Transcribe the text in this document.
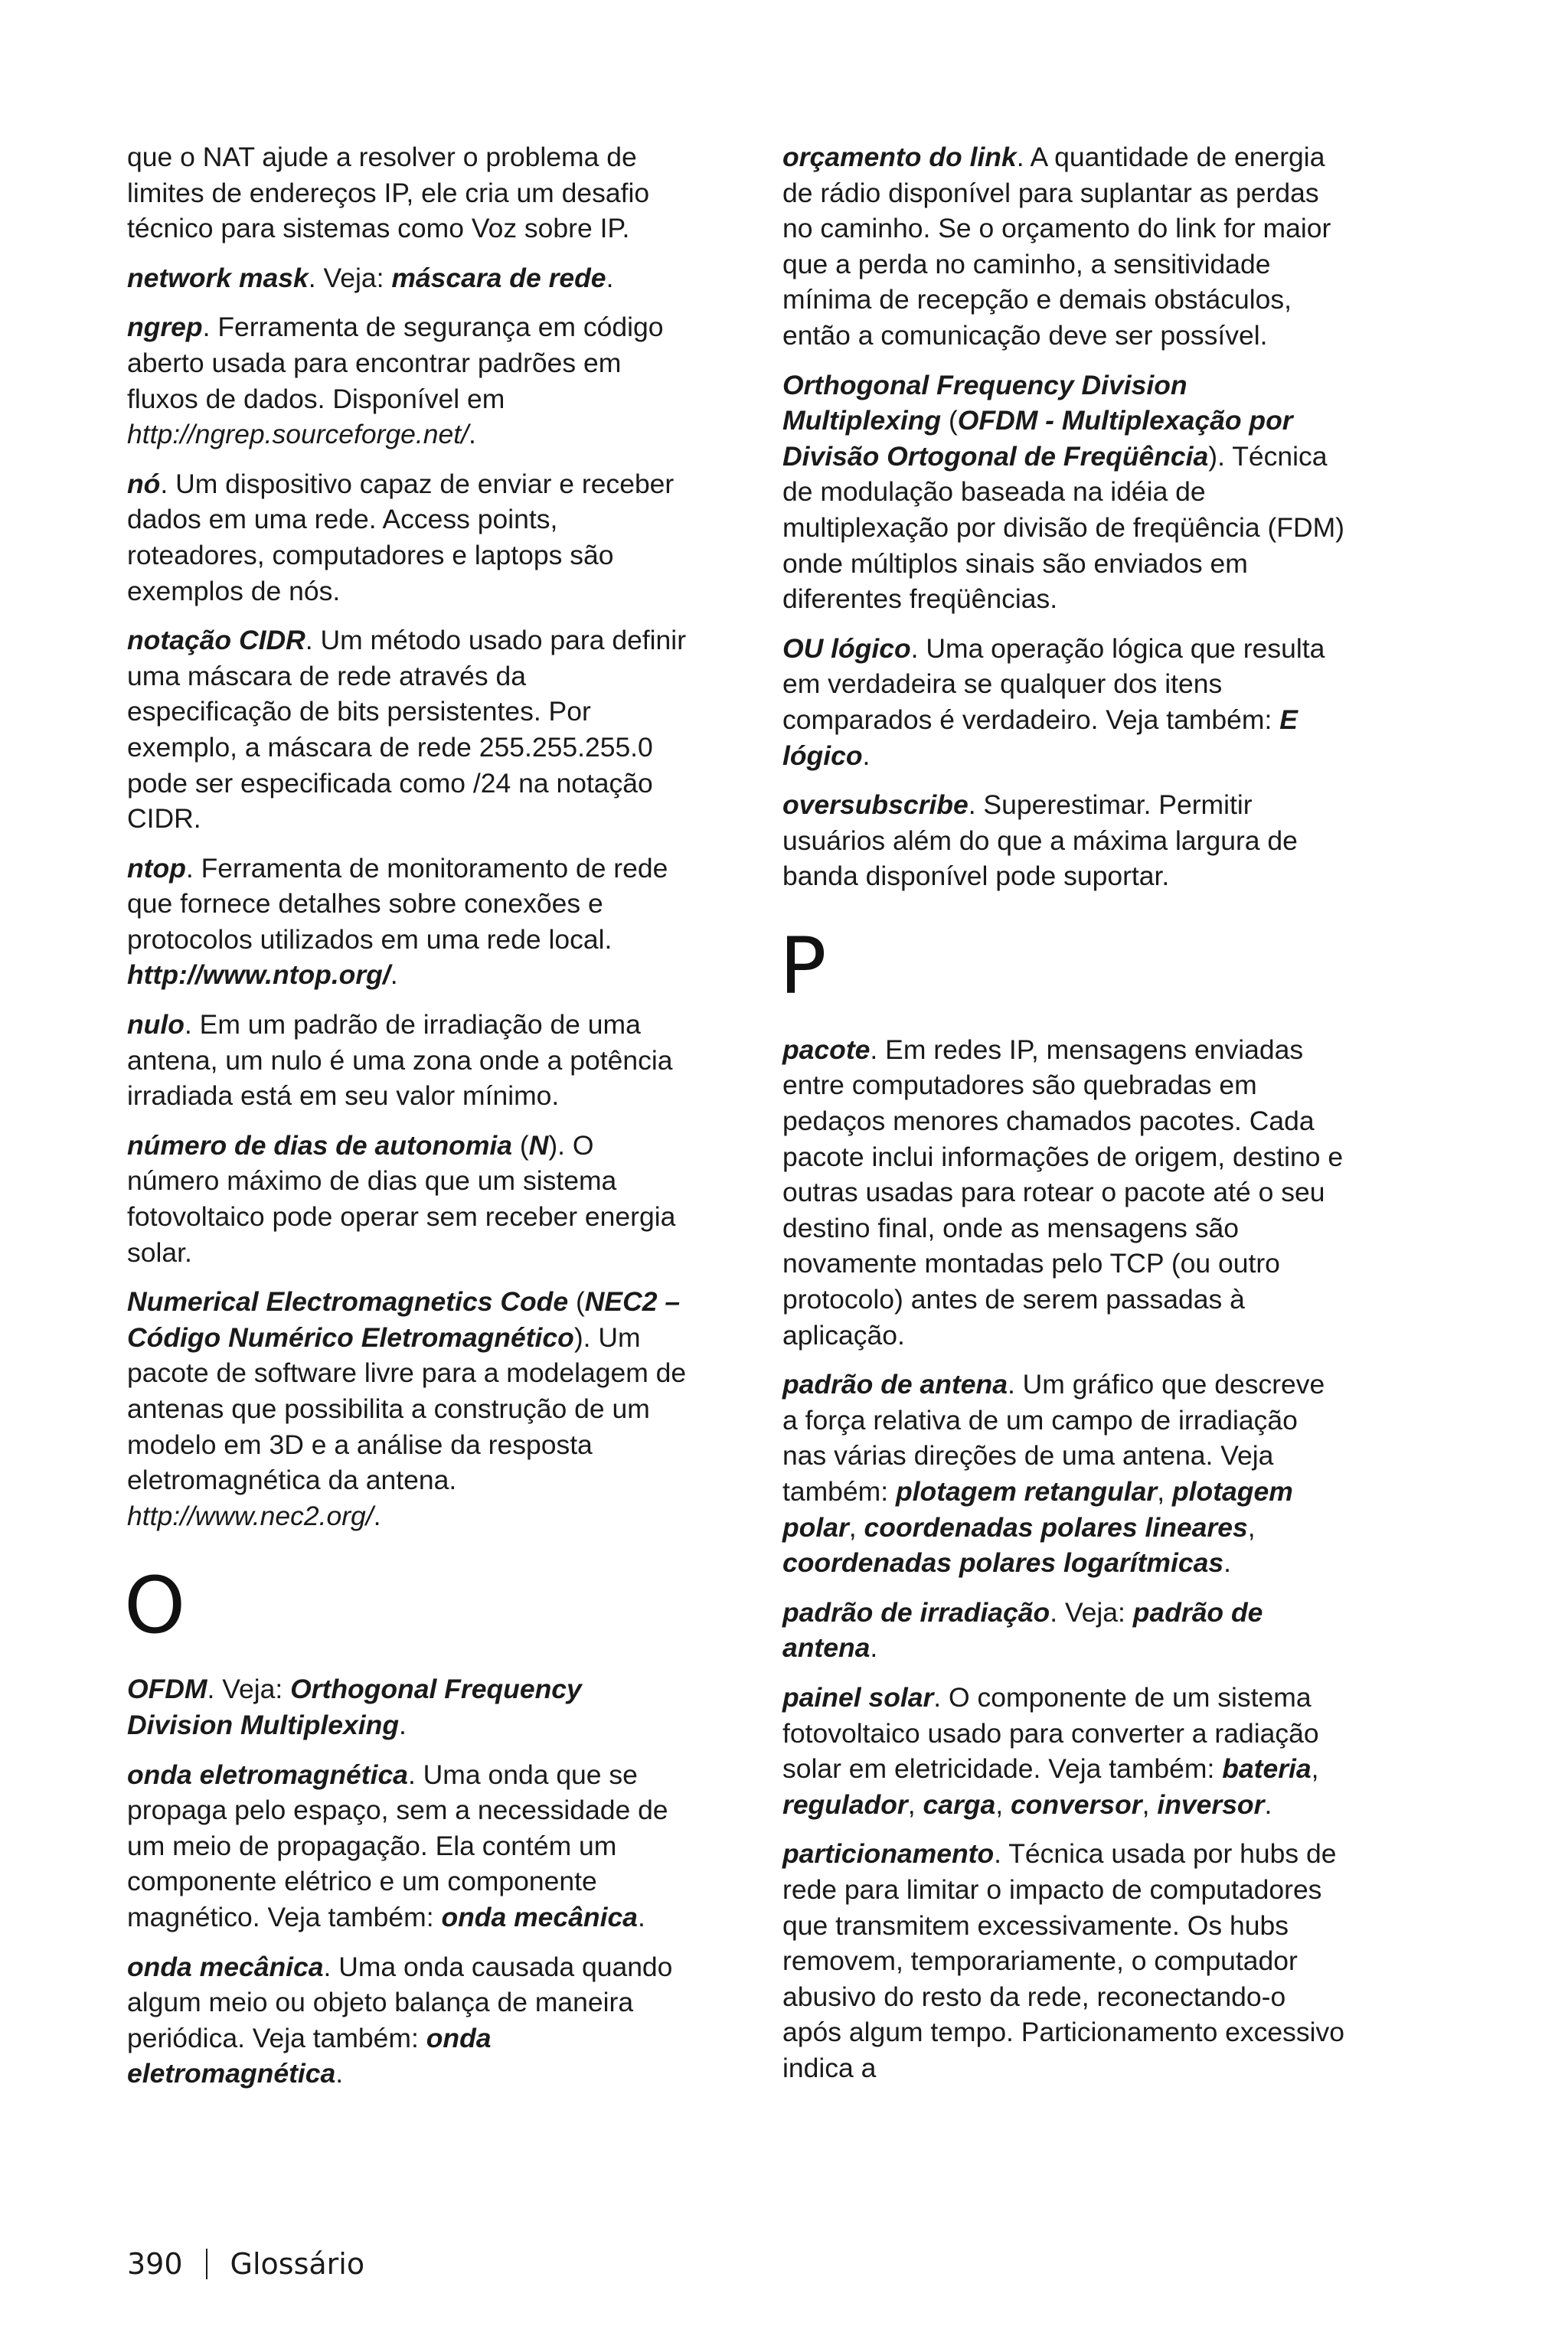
que o NAT ajude a resolver o problema de limites de endereços IP, ele cria um desafio técnico para sistemas como Voz sobre IP.

network mask. Veja: máscara de rede.

ngrep. Ferramenta de segurança em código aberto usada para encontrar padrões em fluxos de dados. Disponível em http://ngrep.sourceforge.net/.

nó. Um dispositivo capaz de enviar e receber dados em uma rede. Access points, roteadores, computadores e laptops são exemplos de nós.

notação CIDR. Um método usado para definir uma máscara de rede através da especificação de bits persistentes. Por exemplo, a máscara de rede 255.255.255.0 pode ser especificada como /24 na notação CIDR.

ntop. Ferramenta de monitoramento de rede que fornece detalhes sobre conexões e protocolos utilizados em uma rede local. http://www.ntop.org/.

nulo. Em um padrão de irradiação de uma antena, um nulo é uma zona onde a potência irradiada está em seu valor mínimo.

número de dias de autonomia (N). O número máximo de dias que um sistema fotovoltaico pode operar sem receber energia solar.

Numerical Electromagnetics Code (NEC2 – Código Numérico Eletromagnético). Um pacote de software livre para a modelagem de antenas que possibilita a construção de um modelo em 3D e a análise da resposta eletromagnética da antena. http://www.nec2.org/.

O

OFDM. Veja: Orthogonal Frequency Division Multiplexing.

onda eletromagnética. Uma onda que se propaga pelo espaço, sem a necessidade de um meio de propagação. Ela contém um componente elétrico e um componente magnético. Veja também: onda mecânica.

onda mecânica. Uma onda causada quando algum meio ou objeto balança de maneira periódica. Veja também: onda eletromagnética.

orçamento do link. A quantidade de energia de rádio disponível para suplantar as perdas no caminho. Se o orçamento do link for maior que a perda no caminho, a sensitividade mínima de recepção e demais obstáculos, então a comunicação deve ser possível.

Orthogonal Frequency Division Multiplexing (OFDM - Multiplexação por Divisão Ortogonal de Freqüência). Técnica de modulação baseada na idéia de multiplexação por divisão de freqüência (FDM) onde múltiplos sinais são enviados em diferentes freqüências.

OU lógico. Uma operação lógica que resulta em verdadeira se qualquer dos itens comparados é verdadeiro. Veja também: E lógico.

oversubscribe. Superestimar. Permitir usuários além do que a máxima largura de banda disponível pode suportar.

P

pacote. Em redes IP, mensagens enviadas entre computadores são quebradas em pedaços menores chamados pacotes. Cada pacote inclui informações de origem, destino e outras usadas para rotear o pacote até o seu destino final, onde as mensagens são novamente montadas pelo TCP (ou outro protocolo) antes de serem passadas à aplicação.

padrão de antena. Um gráfico que descreve a força relativa de um campo de irradiação nas várias direções de uma antena. Veja também: plotagem retangular, plotagem polar, coordenadas polares lineares, coordenadas polares logarítmicas.

padrão de irradiação. Veja: padrão de antena.

painel solar. O componente de um sistema fotovoltaico usado para converter a radiação solar em eletricidade. Veja também: bateria, regulador, carga, conversor, inversor.

particionamento. Técnica usada por hubs de rede para limitar o impacto de computadores que transmitem excessivamente. Os hubs removem, temporariamente, o computador abusivo do resto da rede, reconectando-o após algum tempo. Particionamento excessivo indica a

390 Glossário
